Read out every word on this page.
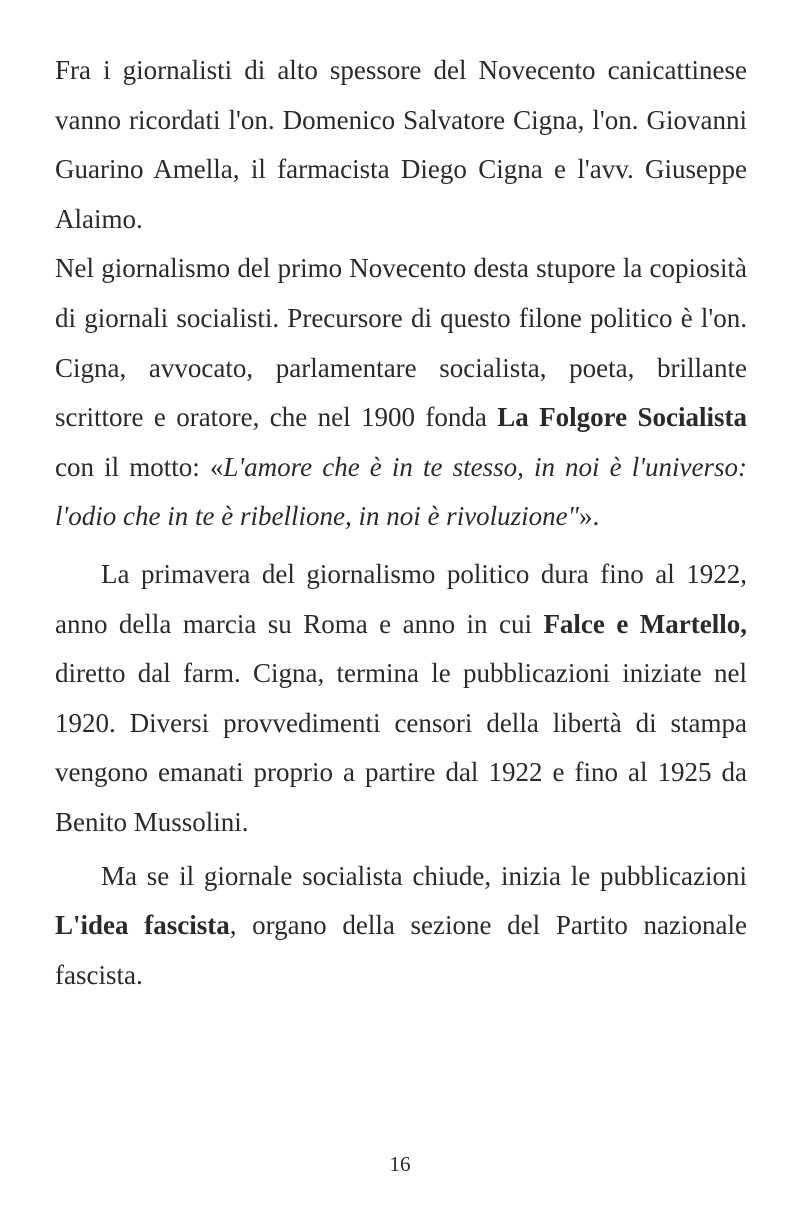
Fra i giornalisti di alto spessore del Novecento canicattinese vanno ricordati l'on. Domenico Salvatore Cigna, l'on. Giovanni Guarino Amella, il farmacista Diego Cigna e l'avv. Giuseppe Alaimo.

Nel giornalismo del primo Novecento desta stupore la copiosità di giornali socialisti. Precursore di questo filone politico è l'on. Cigna, avvocato, parlamentare socialista, poeta, brillante scrittore e oratore, che nel 1900 fonda La Folgore Socialista con il motto: «L'amore che è in te stesso, in noi è l'universo: l'odio che in te è ribellione, in noi è rivoluzione"».

La primavera del giornalismo politico dura fino al 1922, anno della marcia su Roma e anno in cui Falce e Martello, diretto dal farm. Cigna, termina le pubblicazioni iniziate nel 1920. Diversi provvedimenti censori della libertà di stampa vengono emanati proprio a partire dal 1922 e fino al 1925 da Benito Mussolini.

Ma se il giornale socialista chiude, inizia le pubblicazioni L'idea fascista, organo della sezione del Partito nazionale fascista.

16
